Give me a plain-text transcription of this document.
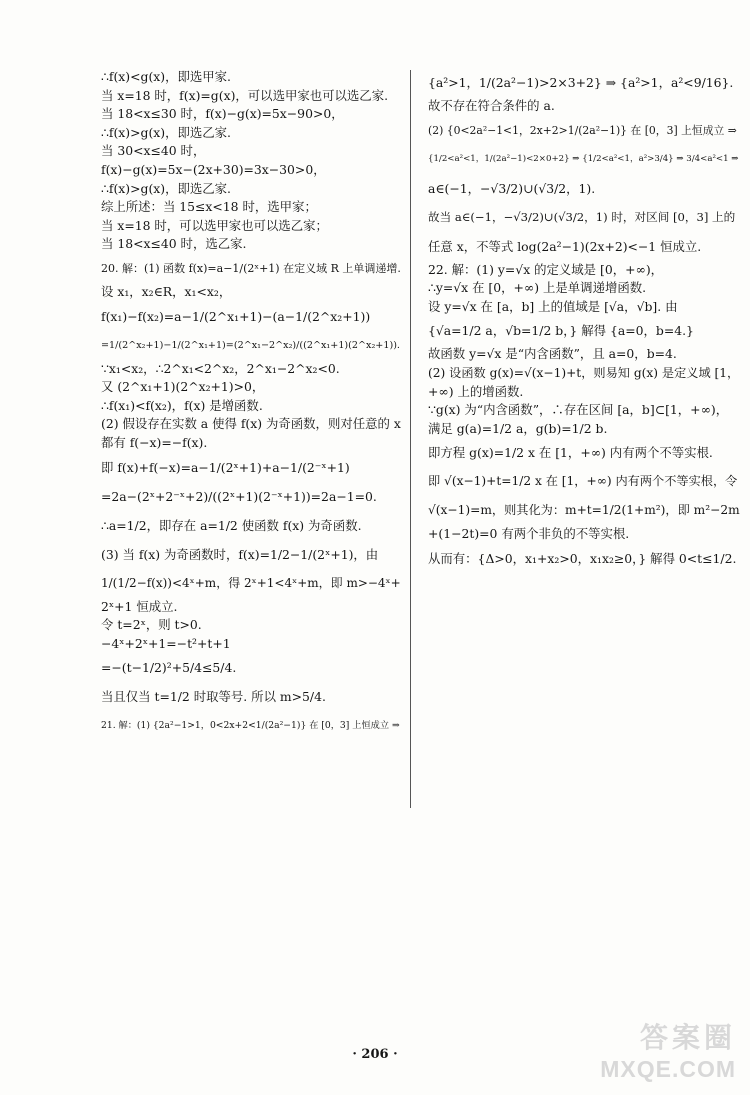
∴f(x)<g(x)，即选甲家.
当 x=18 时，f(x)=g(x)，可以选甲家也可以选乙家.
当 18<x≤30 时，f(x)−g(x)=5x−90>0，
∴f(x)>g(x)，即选乙家.
当 30<x≤40 时，
f(x)−g(x)=5x−(2x+30)=3x−30>0，
∴f(x)>g(x)，即选乙家.
综上所述：当 15≤x<18 时，选甲家；
当 x=18 时，可以选甲家也可以选乙家；
当 18<x≤40 时，选乙家.
20. 解：(1) 函数 f(x)=a−1/(2ˣ+1) 在定义域 R 上单调递增.
设 x₁，x₂∈R，x₁<x₂，
f(x₁)−f(x₂)=a−1/(2^x₁+1)−(a−1/(2^x₂+1))
=1/(2^x₂+1)−1/(2^x₁+1)=(2^x₁−2^x₂)/((2^x₁+1)(2^x₂+1)).
∵x₁<x₂，∴2^x₁<2^x₂，2^x₁−2^x₂<0.
又 (2^x₁+1)(2^x₂+1)>0，
∴f(x₁)<f(x₂)，f(x) 是增函数.
(2) 假设存在实数 a 使得 f(x) 为奇函数，则对任意的 x
都有 f(−x)=−f(x).
即 f(x)+f(−x)=a−1/(2ˣ+1)+a−1/(2⁻ˣ+1)
=2a−(2ˣ+2⁻ˣ+2)/((2ˣ+1)(2⁻ˣ+1))=2a−1=0.
∴a=1/2，即存在 a=1/2 使函数 f(x) 为奇函数.
(3) 当 f(x) 为奇函数时，f(x)=1/2−1/(2ˣ+1)，由
1/(1/2−f(x))<4ˣ+m，得 2ˣ+1<4ˣ+m，即 m>−4ˣ+
2ˣ+1 恒成立.
令 t=2ˣ，则 t>0.
−4ˣ+2ˣ+1=−t²+t+1
=−(t−1/2)²+5/4≤5/4.
当且仅当 t=1/2 时取等号. 所以 m>5/4.
21. 解：(1) {2a²−1>1，0<2x+2<1/(2a²−1)} 在 [0，3] 上恒成立 ⇒
{a²>1，1/(2a²−1)>2×3+2} ⇒ {a²>1，a²<9/16}.
故不存在符合条件的 a.
(2) {0<2a²−1<1，2x+2>1/(2a²−1)} 在 [0，3] 上恒成立 ⇒
{1/2<a²<1，1/(2a²−1)<2×0+2} ⇒ {1/2<a²<1，a²>3/4} ⇒ 3/4<a²<1 ⇒
a∈(−1，−√3/2)∪(√3/2，1).
故当 a∈(−1，−√3/2)∪(√3/2，1) 时，对区间 [0，3] 上的
任意 x，不等式 log(2a²−1)(2x+2)<−1 恒成立.
22. 解：(1) y=√x 的定义域是 [0，+∞)，
∴y=√x 在 [0，+∞) 上是单调递增函数.
设 y=√x 在 [a，b] 上的值域是 [√a，√b]. 由
{√a=1/2 a，√b=1/2 b，} 解得 {a=0，b=4.}
故函数 y=√x 是“内含函数”，且 a=0，b=4.
(2) 设函数 g(x)=√(x−1)+t，则易知 g(x) 是定义域 [1，
+∞) 上的增函数.
∵g(x) 为“内含函数”，∴存在区间 [a，b]⊂[1，+∞)，
满足 g(a)=1/2 a，g(b)=1/2 b.
即方程 g(x)=1/2 x 在 [1，+∞) 内有两个不等实根.
即 √(x−1)+t=1/2 x 在 [1，+∞) 内有两个不等实根，令
√(x−1)=m，则其化为：m+t=1/2(1+m²)，即 m²−2m
+(1−2t)=0 有两个非负的不等实根.
从而有：{Δ>0，x₁+x₂>0，x₁x₂≥0，} 解得 0<t≤1/2.
· 206 ·
答案圈
MXQE.COM
